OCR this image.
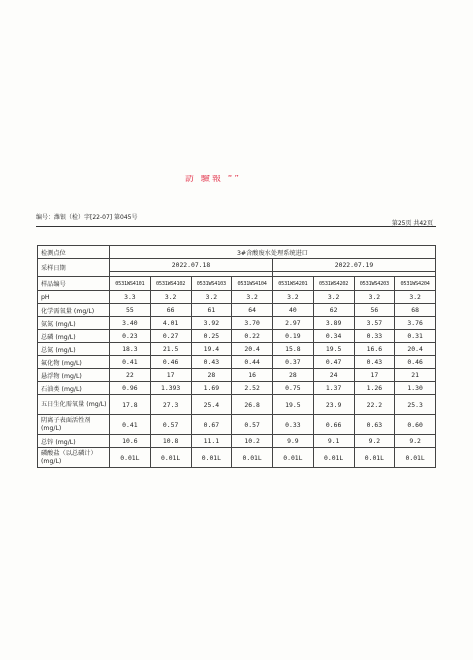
訪 驗報 “”
编号：潍银（检）字[22-07] 第045号
第25页 共42页
检测点位	3#含酸废水处理系统进口							
采样日期	2022.07.18				2022.07.19			

样品编号	0531WS4101	0531WS4102	0531WS4103	0531WS4104	0531WS4201	0531WS4202	0531WS4203	0531WS4204
pH	3.3	3.2	3.2	3.2	3.2	3.2	3.2	3.2
化学需氧量 (mg/L)	55	66	61	64	40	62	56	68
氨氮 (mg/L)	3.40	4.01	3.92	3.70	2.97	3.89	3.57	3.76
总磷 (mg/L)	0.23	0.27	0.25	0.22	0.19	0.34	0.33	0.31
总氮 (mg/L)	18.3	21.5	19.4	20.4	15.8	19.5	16.6	20.4
氟化物 (mg/L)	0.41	0.46	0.43	0.44	0.37	0.47	0.43	0.46
悬浮物 (mg/L)	22	17	28	16	28	24	17	21
石油类 (mg/L)	0.96	1.393	1.69	2.52	0.75	1.37	1.26	1.30
五日生化需氧量 (mg/L)	17.8	27.3	25.4	26.8	19.5	23.9	22.2	25.3
阴离子表面活性剂 (mg/L)	0.41	0.57	0.67	0.57	0.33	0.66	0.63	0.60
总锌 (mg/L)	10.6	10.8	11.1	10.2	9.9	9.1	9.2	9.2
磷酸盐（以总磷计）(mg/L)	0.01L	0.01L	0.01L	0.01L	0.01L	0.01L	0.01L	0.01L
